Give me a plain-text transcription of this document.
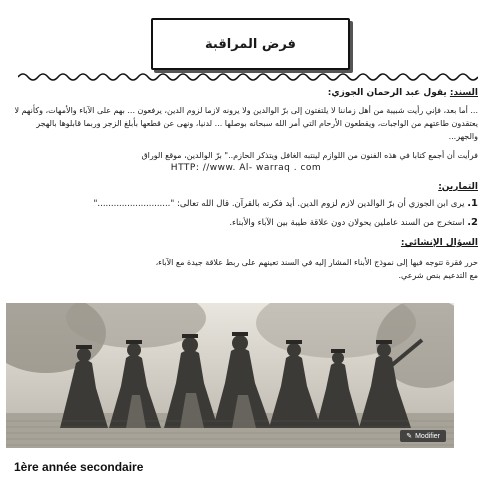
فرض المراقبة
السند: يقول عبد الرحمان الجوزي:
... أما بعد، فإني رأيت شبيبة من أهل زماننا لا يلتفتون إلى برّ الوالدين ولا يرونه لازما لزوم الدين، يرفعون ... بهم على الآباء والأمهات، وكأنهم لا يعتقدون طاعتهم من الواجبات، ويقطعون الأرحام التي أمر الله سبحانه بوصلها ... لدنيا، ونهى عن قطعها بأبلغ الزجر وربما قابلوها بالهجر والجهر...
فرأيت أن أجمع كتابا في هذه الفنون من اللوازم لينتبه الغافل ويتذكر الحازم.." برّ الوالدين، موقع الوراق
HTTP: //www. Al- warraq . com
التمارين:
1. يرى ابن الجوزي أن برّ الوالدين لازم لزوم الدين. أيد فكرته بالقرآن. قال الله تعالى: "..........................."
2. استخرج من السند عاملين يحولان دون علاقة طيبة بين الآباء والأبناء.
السؤال الإنشائي:
حرر فقرة تتوجه فيها إلى نموذج الأبناء المشار إليه في السند تعينهم على ربط علاقة جيدة مع الآباء، مع التدعيم بنص شرعي.
✎ Modifier
1ère année secondaire
